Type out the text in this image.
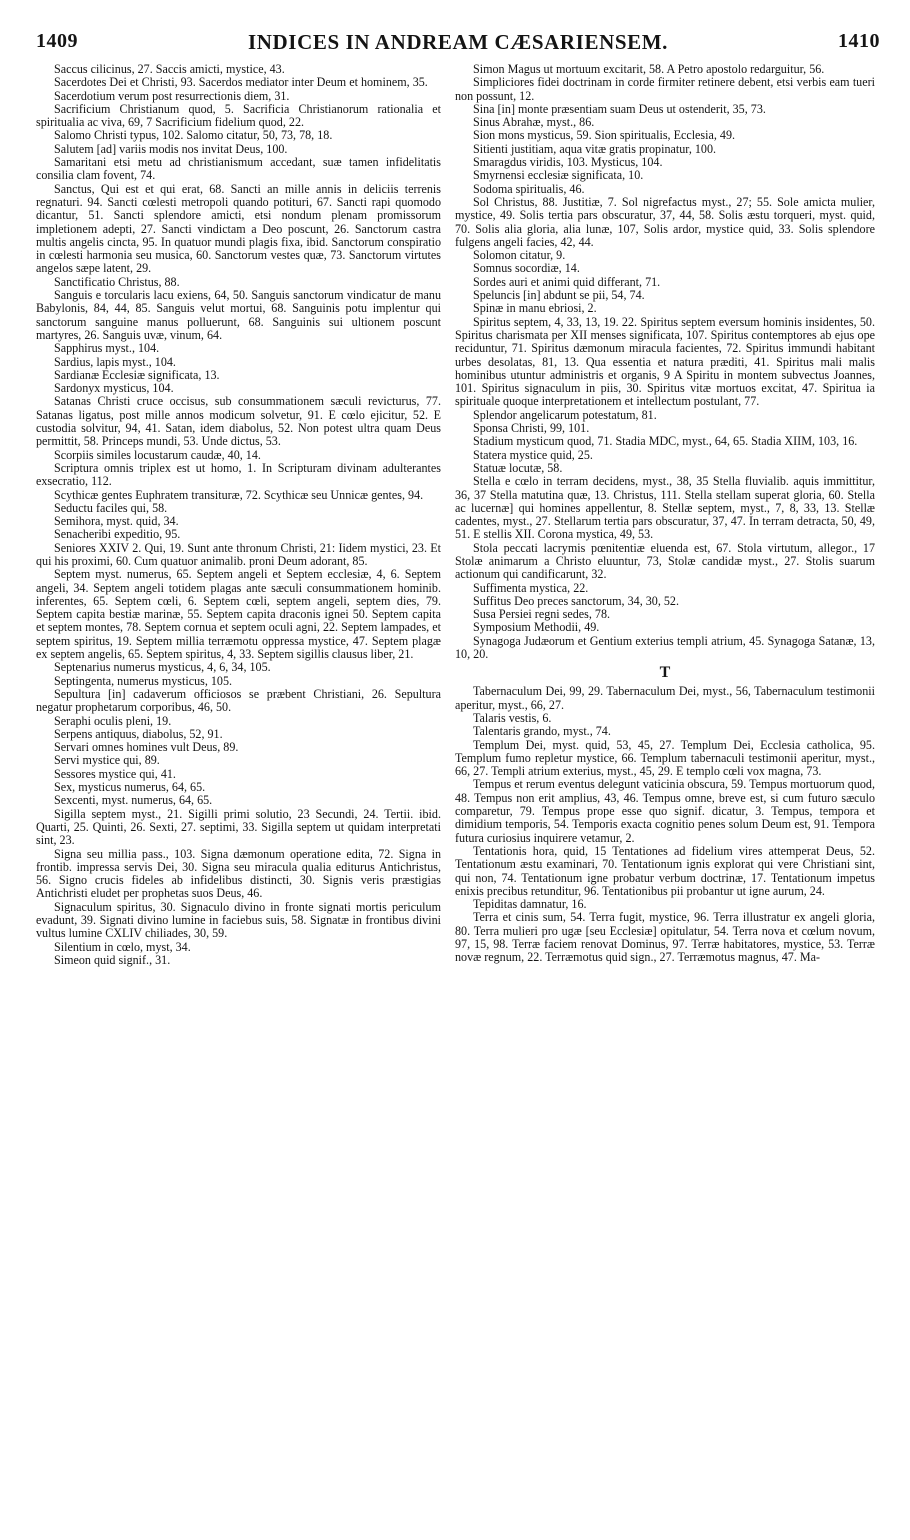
1409	INDICES IN ANDREAM CÆSARIENSEM.	1410

Saccus cilicinus, 27. Saccis amicti, mystice, 43.

Sacerdotes Dei et Christi, 93. Sacerdos mediator inter Deum et hominem, 35.

Sacerdotium verum post resurrectionis diem, 31.

Sacrificium Christianum quod, 5. Sacrificia Christianorum rationalia et spiritualia ac viva, 69, 7 Sacrificium fidelium quod, 22.

Salomo Christi typus, 102. Salomo citatur, 50, 73, 78, 18.

Salutem [ad] variis modis nos invitat Deus, 100.

Samaritani etsi metu ad christianismum accedant, suæ tamen infidelitatis consilia clam fovent, 74.

Sanctus, Qui est et qui erat, 68. Sancti an mille annis in deliciis terrenis regnaturi. 94. Sancti cœlesti metropoli quando potituri, 67. Sancti rapi quomodo dicantur, 51. Sancti splendore amicti, etsi nondum plenam promissorum impletionem adepti, 27. Sancti vindictam a Deo poscunt, 26. Sanctorum castra multis angelis cincta, 95. In quatuor mundi plagis fixa, ibid. Sanctorum conspiratio in cœlesti harmonia seu musica, 60. Sanctorum vestes quæ, 73. Sanctorum virtutes angelos sæpe latent, 29.

Sanctificatio Christus, 88.

Sanguis e torcularis lacu exiens, 64, 50. Sanguis sanctorum vindicatur de manu Babylonis, 84, 44, 85. Sanguis velut mortui, 68. Sanguinis potu implentur qui sanctorum sanguine manus polluerunt, 68. Sanguinis sui ultionem poscunt martyres, 26. Sanguis uvæ, vinum, 64.

Sapphirus myst., 104.

Sardius, lapis myst., 104.

Sardianæ Ecclesiæ significata, 13.

Sardonyx mysticus, 104.

Satanas Christi cruce occisus, sub consummationem sæculi revicturus, 77. Satanas ligatus, post mille annos modicum solvetur, 91. E cœlo ejicitur, 52. E custodia solvitur, 94, 41. Satan, idem diabolus, 52. Non potest ultra quam Deus permittit, 58. Princeps mundi, 53. Unde dictus, 53.

Scorpiis similes locustarum caudæ, 40, 14.

Scriptura omnis triplex est ut homo, 1. In Scripturam divinam adulterantes exsecratio, 112.

Scythicæ gentes Euphratem transituræ, 72. Scythicæ seu Unnicæ gentes, 94.

Seductu faciles qui, 58.

Semihora, myst. quid, 34.

Senacheribi expeditio, 95.

Seniores XXIV 2. Qui, 19. Sunt ante thronum Christi, 21: Iidem mystici, 23. Et qui his proximi, 60. Cum quatuor animalib. proni Deum adorant, 85.

Septem myst. numerus, 65. Septem angeli et Septem ecclesiæ, 4, 6. Septem angeli, 34. Septem angeli totidem plagas ante sæculi consummationem hominib. inferentes, 65. Septem cœli, 6. Septem cœli, septem angeli, septem dies, 79. Septem capita bestiæ marinæ, 55. Septem capita draconis ignei 50. Septem capita et septem montes, 78. Septem cornua et septem oculi agni, 22. Septem lampades, et septem spiritus, 19. Septem millia terræmotu oppressa mystice, 47. Septem plagæ ex septem angelis, 65. Septem spiritus, 4, 33. Septem sigillis clausus liber, 21.

Septenarius numerus mysticus, 4, 6, 34, 105.

Septingenta, numerus mysticus, 105.

Sepultura [in] cadaverum officiosos se præbent Christiani, 26. Sepultura negatur prophetarum corporibus, 46, 50.

Seraphi oculis pleni, 19.

Serpens antiquus, diabolus, 52, 91.

Servari omnes homines vult Deus, 89.

Servi mystice qui, 89.

Sessores mystice qui, 41.

Sex, mysticus numerus, 64, 65.

Sexcenti, myst. numerus, 64, 65.

Sigilla septem myst., 21. Sigilli primi solutio, 23 Secundi, 24. Tertii. ibid. Quarti, 25. Quinti, 26. Sexti, 27. septimi, 33. Sigilla septem ut quidam interpretati sint, 23.

Signa seu millia pass., 103. Signa dæmonum operatione edita, 72. Signa in frontib. impressa servis Dei, 30. Signa seu miracula qualia editurus Antichristus, 56. Signo crucis fideles ab infidelibus distincti, 30. Signis veris præstigias Antichristi eludet per prophetas suos Deus, 46.

Signaculum spiritus, 30. Signaculo divino in fronte signati mortis periculum evadunt, 39. Signati divino lumine in faciebus suis, 58. Signatæ in frontibus divini vultus lumine CXLIV chiliades, 30, 59.

Silentium in cœlo, myst, 34.

Simeon quid signif., 31.

Simon Magus ut mortuum excitarit, 58. A Petro apostolo redarguitur, 56.

Simpliciores fidei doctrinam in corde firmiter retinere debent, etsi verbis eam tueri non possunt, 12.

Sina [in] monte præsentiam suam Deus ut ostenderit, 35, 73.

Sinus Abrahæ, myst., 86.

Sion mons mysticus, 59. Sion spiritualis, Ecclesia, 49.

Sitienti justitiam, aqua vitæ gratis propinatur, 100.

Smaragdus viridis, 103. Mysticus, 104.

Smyrnensi ecclesiæ significata, 10.

Sodoma spiritualis, 46.

Sol Christus, 88. Justitiæ, 7. Sol nigrefactus myst., 27; 55. Sole amicta mulier, mystice, 49. Solis tertia pars obscuratur, 37, 44, 58. Solis æstu torqueri, myst. quid, 70. Solis alia gloria, alia lunæ, 107, Solis ardor, mystice quid, 33. Solis splendore fulgens angeli facies, 42, 44.

Solomon citatur, 9.

Somnus socordiæ, 14.

Sordes auri et animi quid differant, 71.

Speluncis [in] abdunt se pii, 54, 74.

Spinæ in manu ebriosi, 2.

Spiritus septem, 4, 33, 13, 19. 22. Spiritus septem eversum hominis insidentes, 50. Spiritus charismata per XII menses significata, 107. Spiritus contemptores ab ejus ope reciduntur, 71. Spiritus dæmonum miracula facientes, 72. Spiritus immundi habitant urbes desolatas, 81, 13. Qua essentia et natura præditi, 41. Spiritus mali malis hominibus utuntur administris et organis, 9 A Spiritu in montem subvectus Joannes, 101. Spiritus signaculum in piis, 30. Spiritus vitæ mortuos excitat, 47. Spiritua ia spirituale quoque interpretationem et intellectum postulant, 77.

Splendor angelicarum potestatum, 81.

Sponsa Christi, 99, 101.

Stadium mysticum quod, 71. Stadia MDC, myst., 64, 65. Stadia XIIM, 103, 16.

Statera mystice quid, 25.

Statuæ locutæ, 58.

Stella e cœlo in terram decidens, myst., 38, 35 Stella fluvialib. aquis immittitur, 36, 37 Stella matutina quæ, 13. Christus, 111. Stella stellam superat gloria, 60. Stella ac lucernæ] qui homines appellentur, 8. Stellæ septem, myst., 7, 8, 33, 13. Stellæ cadentes, myst., 27. Stellarum tertia pars obscuratur, 37, 47. In terram detracta, 50, 49, 51. E stellis XII. Corona mystica, 49, 53.

Stola peccati lacrymis pœnitentiæ eluenda est, 67. Stola virtutum, allegor., 17 Stolæ animarum a Christo eluuntur, 73, Stolæ candidæ myst., 27. Stolis suarum actionum qui candificarunt, 32.

Suffimenta mystica, 22.

Suffitus Deo preces sanctorum, 34, 30, 52.

Susa Persiei regni sedes, 78.

Symposium Methodii, 49.

Synagoga Judæorum et Gentium exterius templi atrium, 45. Synagoga Satanæ, 13, 10, 20.

T

Tabernaculum Dei, 99, 29. Tabernaculum Dei, myst., 56, Tabernaculum testimonii aperitur, myst., 66, 27.

Talaris vestis, 6.

Talentaris grando, myst., 74.

Templum Dei, myst. quid, 53, 45, 27. Templum Dei, Ecclesia catholica, 95. Templum fumo repletur mystice, 66. Templum tabernaculi testimonii aperitur, myst., 66, 27. Templi atrium exterius, myst., 45, 29. E templo cœli vox magna, 73.

Tempus et rerum eventus delegunt vaticinia obscura, 59. Tempus mortuorum quod, 48. Tempus non erit amplius, 43, 46. Tempus omne, breve est, si cum futuro sæculo comparetur, 79. Tempus prope esse quo signif. dicatur, 3. Tempus, tempora et dimidium temporis, 54. Temporis exacta cognitio penes solum Deum est, 91. Tempora futura curiosius inquirere vetamur, 2.

Tentationis hora, quid, 15 Tentationes ad fidelium vires attemperat Deus, 52. Tentationum æstu examinari, 70. Tentationum ignis explorat qui vere Christiani sint, qui non, 74. Tentationum igne probatur verbum doctrinæ, 17. Tentationum impetus enixis precibus retunditur, 96. Tentationibus pii probantur ut igne aurum, 24.

Tepiditas damnatur, 16.

Terra et cinis sum, 54. Terra fugit, mystice, 96. Terra illustratur ex angeli gloria, 80. Terra mulieri pro ugæ [seu Ecclesiæ] opitulatur, 54. Terra nova et cœlum novum, 97, 15, 98. Terræ faciem renovat Dominus, 97. Terræ habitatores, mystice, 53. Terræ novæ regnum, 22. Terræmotus quid sign., 27. Terræmotus magnus, 47. Ma-
